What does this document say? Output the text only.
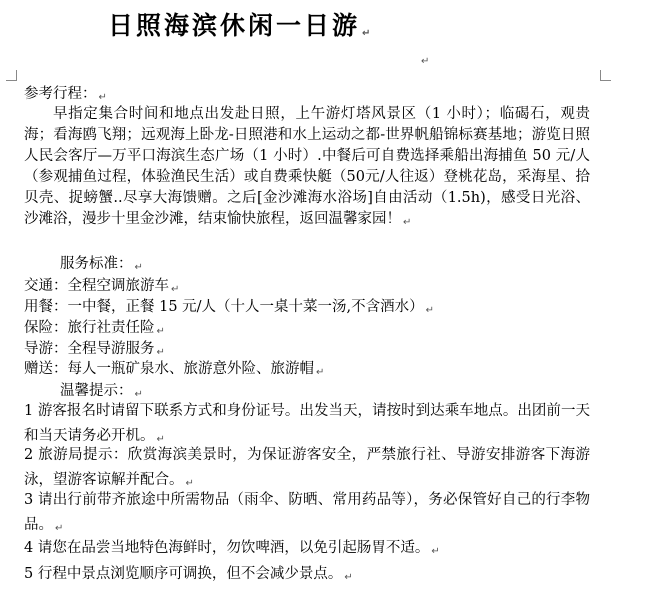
日照海滨休闲一日游 ↵
↵
参考行程： ↵
早指定集合时间和地点出发赴日照，上午游灯塔风景区（1 小时）；临碣石，观贵海；看海鸥飞翔；远观海上卧龙-日照港和水上运动之都-世界帆船锦标赛基地；游览日照人民会客厅—万平口海滨生态广场（1 小时）.中餐后可自费选择乘船出海捕鱼 50 元/人（参观捕鱼过程，体验渔民生活）或自费乘快艇（50元/人往返）登桃花岛，采海星、拾贝壳、捉螃蟹..尽享大海馈赠。之后[金沙滩海水浴场]自由活动（1.5h)，感受日光浴、沙滩浴，漫步十里金沙滩，结束愉快旅程，返回温馨家园！ ↵
服务标准： ↵
交通：全程空调旅游车 ↵
用餐：一中餐，正餐 15 元/人（十人一桌十菜一汤,不含酒水） ↵
保险：旅行社责任险 ↵
导游：全程导游服务 ↵
赠送：每人一瓶矿泉水、旅游意外险、旅游帽 ↵
温馨提示： ↵
1 游客报名时请留下联系方式和身份证号。出发当天，请按时到达乘车地点。出团前一天和当天请务必开机。 ↵
2 旅游局提示：欣赏海滨美景时，为保证游客安全，严禁旅行社、导游安排游客下海游泳，望游客谅解并配合。 ↵
3 请出行前带齐旅途中所需物品（雨伞、防晒、常用药品等），务必保管好自己的行李物品。 ↵
4 请您在品尝当地特色海鲜时，勿饮啤酒，以免引起肠胃不适。 ↵
5 行程中景点浏览顺序可调换，但不会减少景点。 ↵
